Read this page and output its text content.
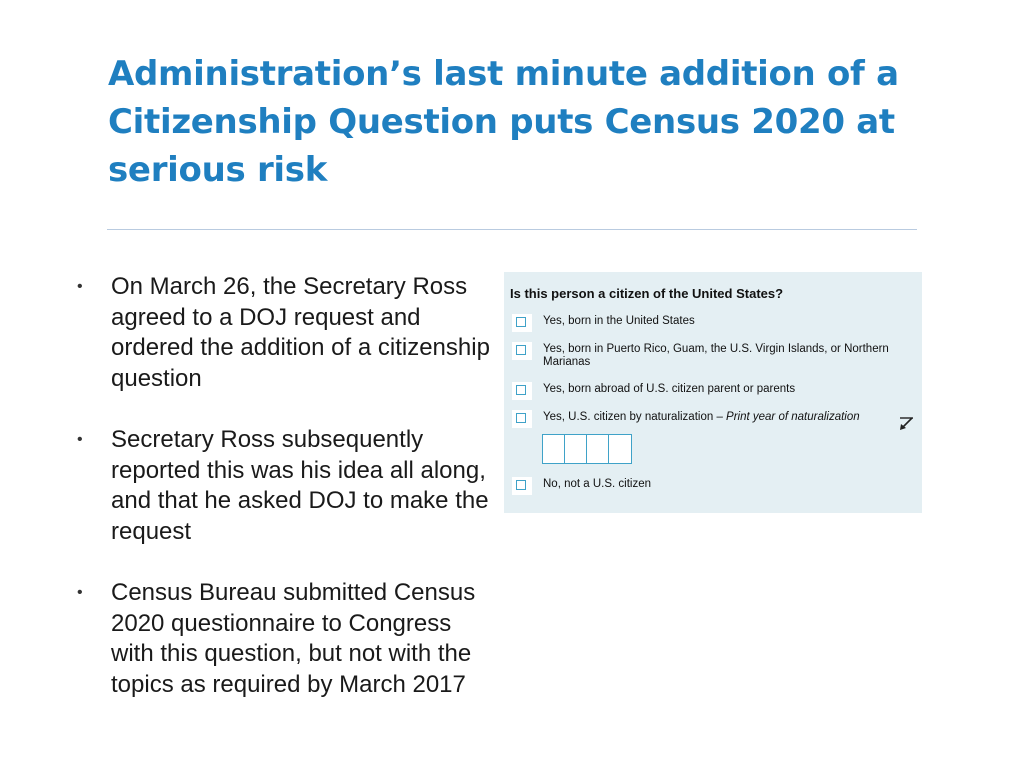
Administration’s last minute addition of a Citizenship Question puts Census 2020 at serious risk
• On March 26, the Secretary Ross agreed to a DOJ request and ordered the addition of a citizenship question
• Secretary Ross subsequently reported this was his idea all along, and that he asked DOJ to make the request
• Census Bureau submitted Census 2020 questionnaire to Congress with this question, but not with the topics as required by March 2017
Is this person a citizen of the United States?
Yes, born in the United States
Yes, born in Puerto Rico, Guam, the U.S. Virgin Islands, or Northern Marianas
Yes, born abroad of U.S. citizen parent or parents
Yes, U.S. citizen by naturalization – Print year of naturalization
No, not a U.S. citizen
